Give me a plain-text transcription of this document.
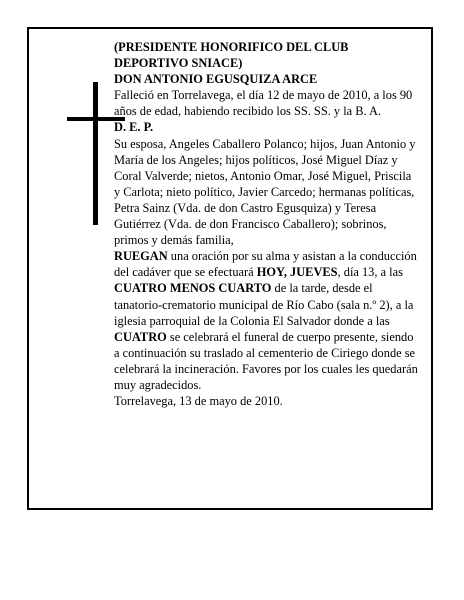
(PRESIDENTE HONORIFICO DEL CLUB DEPORTIVO SNIACE)

DON ANTONIO EGUSQUIZA ARCE

Falleció en Torrelavega, el día 12 de mayo de 2010, a los 90 años de edad, habiendo recibido los SS. SS. y la B. A.

D. E. P.

Su esposa, Angeles Caballero Polanco; hijos, Juan Antonio y María de los Angeles; hijos políticos, José Miguel Díaz y Coral Valverde; nietos, Antonio Omar, José Miguel, Priscila y Carlota; nieto político, Javier Carcedo; hermanas políticas, Petra Sainz (Vda. de don Castro Egusquiza) y Teresa Gutiérrez (Vda. de don Francisco Caballero); sobrinos, primos y demás familia,

RUEGAN una oración por su alma y asistan a la conducción del cadáver que se efectuará HOY, JUEVES, día 13, a las CUATRO MENOS CUARTO de la tarde, desde el tanatorio-crematorio municipal de Río Cabo (sala n.º 2), a la iglesia parroquial de la Colonia El Salvador donde a las CUATRO se celebrará el funeral de cuerpo presente, siendo a continuación su traslado al cementerio de Ciriego donde se celebrará la incineración. Favores por los cuales les quedarán muy agradecidos.

Torrelavega, 13 de mayo de 2010.
